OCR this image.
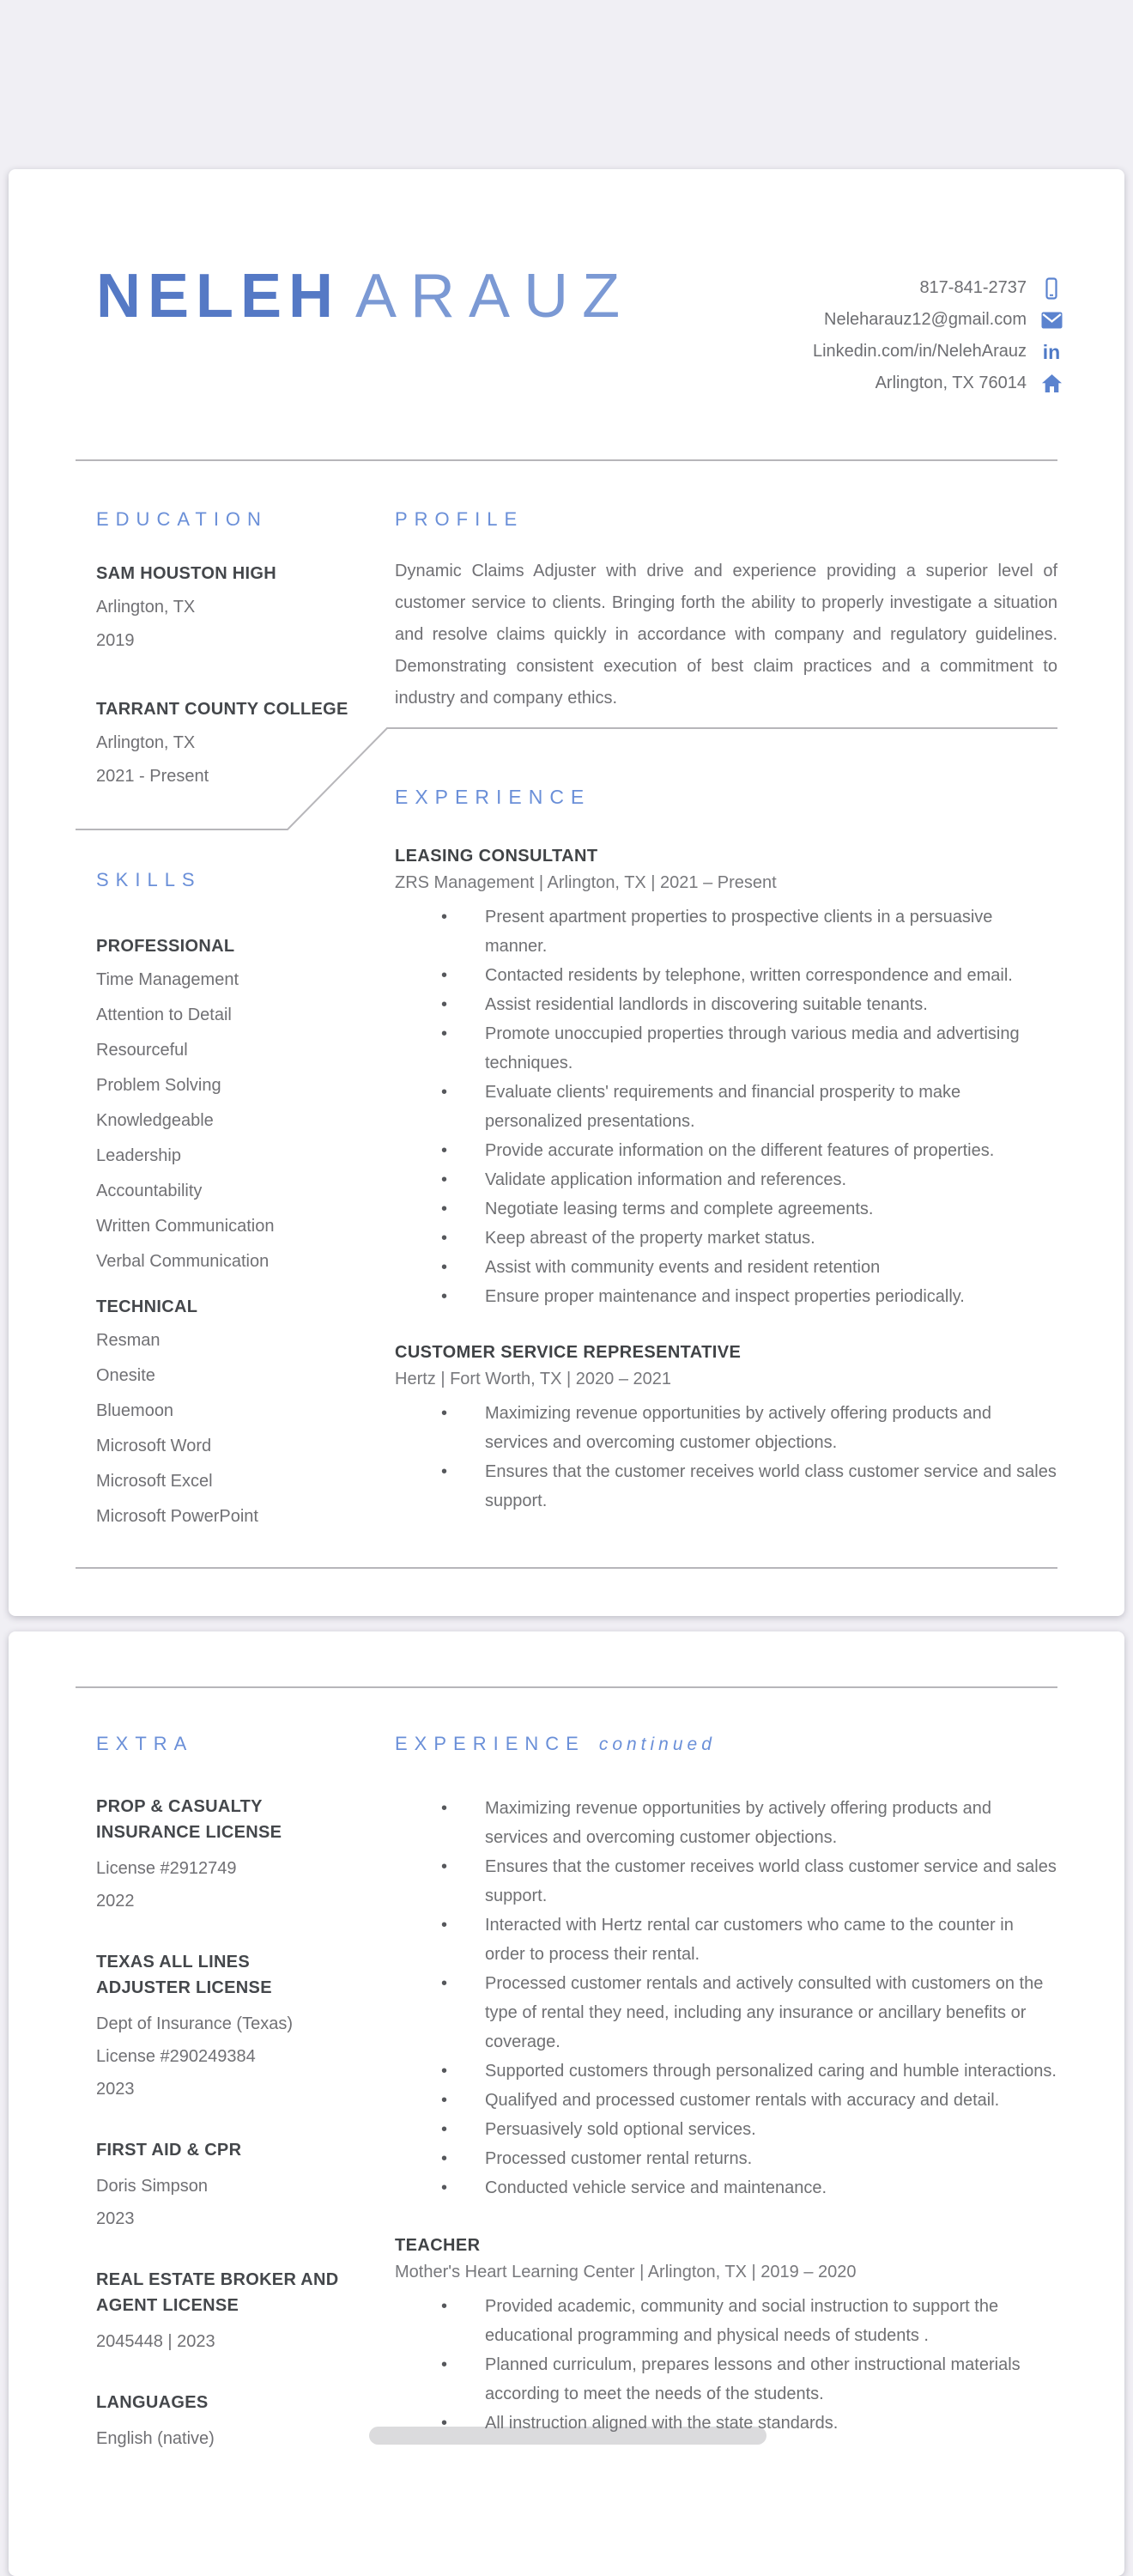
NELEH ARAUZ	817-841-2737
Neleharauz12@gmail.com
Linkedin.com/in/NelehArauz in
Arlington, TX 76014
EDUCATION
SAM HOUSTON HIGH
Arlington, TX
2019
TARRANT COUNTY COLLEGE
Arlington, TX
2021 - Present
PROFILE
Dynamic Claims Adjuster with drive and experience providing a superior level of customer service to clients. Bringing forth the ability to properly investigate a situation and resolve claims quickly in accordance with company and regulatory guidelines. Demonstrating consistent execution of best claim practices and a commitment to industry and company ethics.
SKILLS
PROFESSIONAL
Time Management
Attention to Detail
Resourceful
Problem Solving
Knowledgeable
Leadership
Accountability
Written Communication
Verbal Communication
TECHNICAL
Resman
Onesite
Bluemoon
Microsoft Word
Microsoft Excel
Microsoft PowerPoint
EXPERIENCE
LEASING CONSULTANT
ZRS Management | Arlington, TX | 2021 – Present
• Present apartment properties to prospective clients in a persuasive manner.
• Contacted residents by telephone, written correspondence and email.
• Assist residential landlords in discovering suitable tenants.
• Promote unoccupied properties through various media and advertising techniques.
• Evaluate clients' requirements and financial prosperity to make personalized presentations.
• Provide accurate information on the different features of properties.
• Validate application information and references.
• Negotiate leasing terms and complete agreements.
• Keep abreast of the property market status.
• Assist with community events and resident retention
• Ensure proper maintenance and inspect properties periodically.
CUSTOMER SERVICE REPRESENTATIVE
Hertz | Fort Worth, TX | 2020 – 2021
• Maximizing revenue opportunities by actively offering products and services and overcoming customer objections.
• Ensures that the customer receives world class customer service and sales support.
EXTRA
PROP & CASUALTY INSURANCE LICENSE
License #2912749
2022
TEXAS ALL LINES ADJUSTER LICENSE
Dept of Insurance (Texas)
License #290249384
2023
FIRST AID & CPR
Doris Simpson
2023
REAL ESTATE BROKER AND AGENT LICENSE
2045448 | 2023
LANGUAGES
English (native)
EXPERIENCE continued
• Maximizing revenue opportunities by actively offering products and services and overcoming customer objections.
• Ensures that the customer receives world class customer service and sales support.
• Interacted with Hertz rental car customers who came to the counter in order to process their rental.
• Processed customer rentals and actively consulted with customers on the type of rental they need, including any insurance or ancillary benefits or coverage.
• Supported customers through personalized caring and humble interactions.
• Qualifyed and processed customer rentals with accuracy and detail.
• Persuasively sold optional services.
• Processed customer rental returns.
• Conducted vehicle service and maintenance.
TEACHER
Mother's Heart Learning Center | Arlington, TX | 2019 – 2020
• Provided academic, community and social instruction to support the educational programming and physical needs of students .
• Planned curriculum, prepares lessons and other instructional materials according to meet the needs of the students.
• All instruction aligned with the state standards.
